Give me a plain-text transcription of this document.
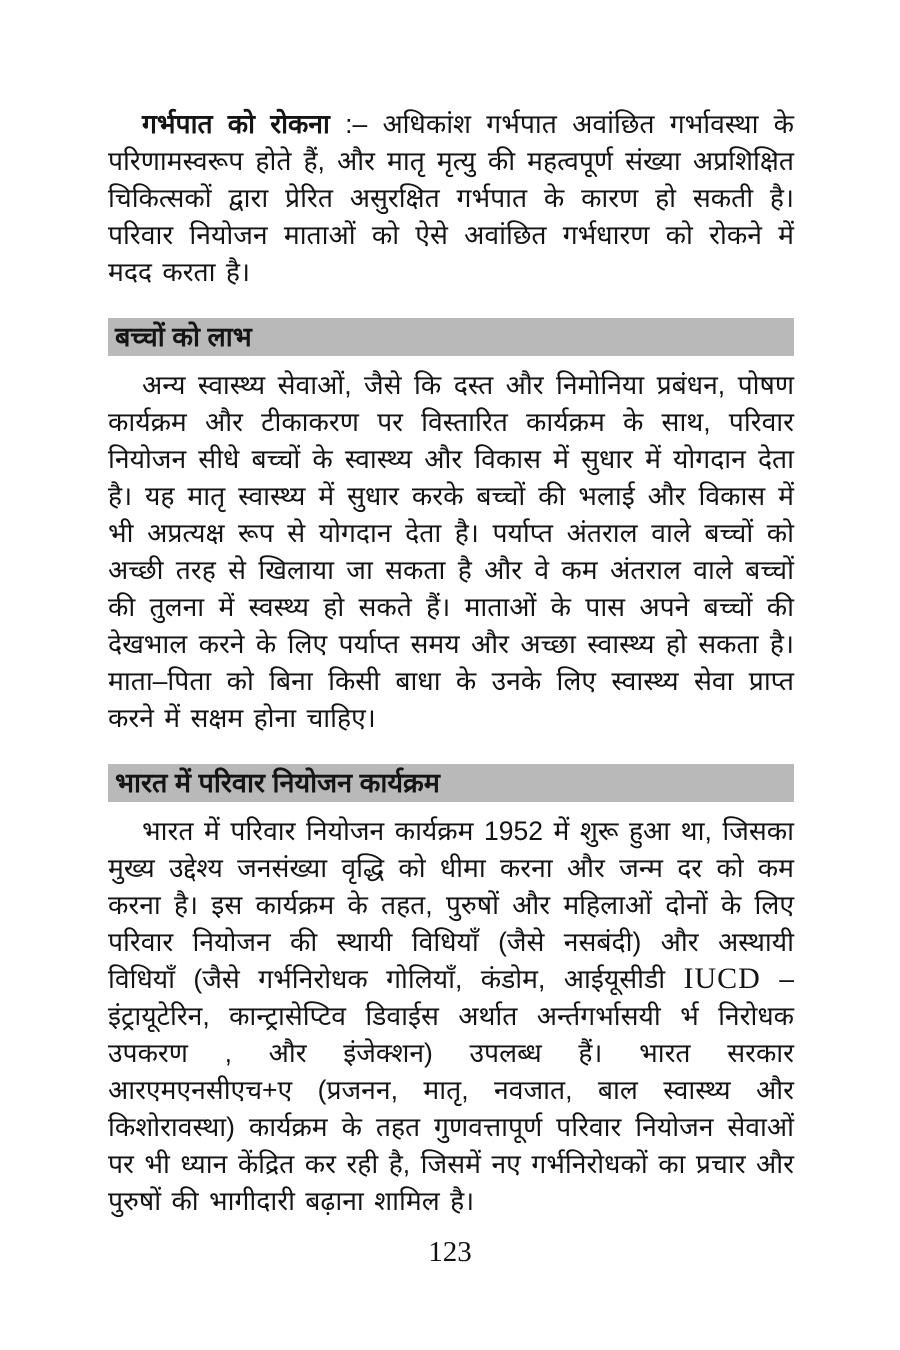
गर्भपात को रोकना :– अधिकांश गर्भपात अवांछित गर्भावस्था के परिणामस्वरूप होते हैं, और मातृ मृत्यु की महत्वपूर्ण संख्या अप्रशिक्षित चिकित्सकों द्वारा प्रेरित असुरक्षित गर्भपात के कारण हो सकती है। परिवार नियोजन माताओं को ऐसे अवांछित गर्भधारण को रोकने में मदद करता है।

बच्चों को लाभ

अन्य स्वास्थ्य सेवाओं, जैसे कि दस्त और निमोनिया प्रबंधन, पोषण कार्यक्रम और टीकाकरण पर विस्तारित कार्यक्रम के साथ, परिवार नियोजन सीधे बच्चों के स्वास्थ्य और विकास में सुधार में योगदान देता है। यह मातृ स्वास्थ्य में सुधार करके बच्चों की भलाई और विकास में भी अप्रत्यक्ष रूप से योगदान देता है। पर्याप्त अंतराल वाले बच्चों को अच्छी तरह से खिलाया जा सकता है और वे कम अंतराल वाले बच्चों की तुलना में स्वस्थ्य हो सकते हैं। माताओं के पास अपने बच्चों की देखभाल करने के लिए पर्याप्त समय और अच्छा स्वास्थ्य हो सकता है। माता–पिता को बिना किसी बाधा के उनके लिए स्वास्थ्य सेवा प्राप्त करने में सक्षम होना चाहिए।

भारत में परिवार नियोजन कार्यक्रम

भारत में परिवार नियोजन कार्यक्रम 1952 में शुरू हुआ था, जिसका मुख्य उद्देश्य जनसंख्या वृद्धि को धीमा करना और जन्म दर को कम करना है। इस कार्यक्रम के तहत, पुरुषों और महिलाओं दोनों के लिए परिवार नियोजन की स्थायी विधियाँ (जैसे नसबंदी) और अस्थायी विधियाँ (जैसे गर्भनिरोधक गोलियाँ, कंडोम, आईयूसीडी IUCD – इंट्रायूटेरिन, कान्ट्रासेप्टिव डिवाईस अर्थात अर्न्तगर्भासयी र्भ निरोधक उपकरण , और इंजेक्शन) उपलब्ध हैं। भारत सरकार आरएमएनसीएच+ए (प्रजनन, मातृ, नवजात, बाल स्वास्थ्य और किशोरावस्था) कार्यक्रम के तहत गुणवत्तापूर्ण परिवार नियोजन सेवाओं पर भी ध्यान केंद्रित कर रही है, जिसमें नए गर्भनिरोधकों का प्रचार और पुरुषों की भागीदारी बढ़ाना शामिल है।

123
